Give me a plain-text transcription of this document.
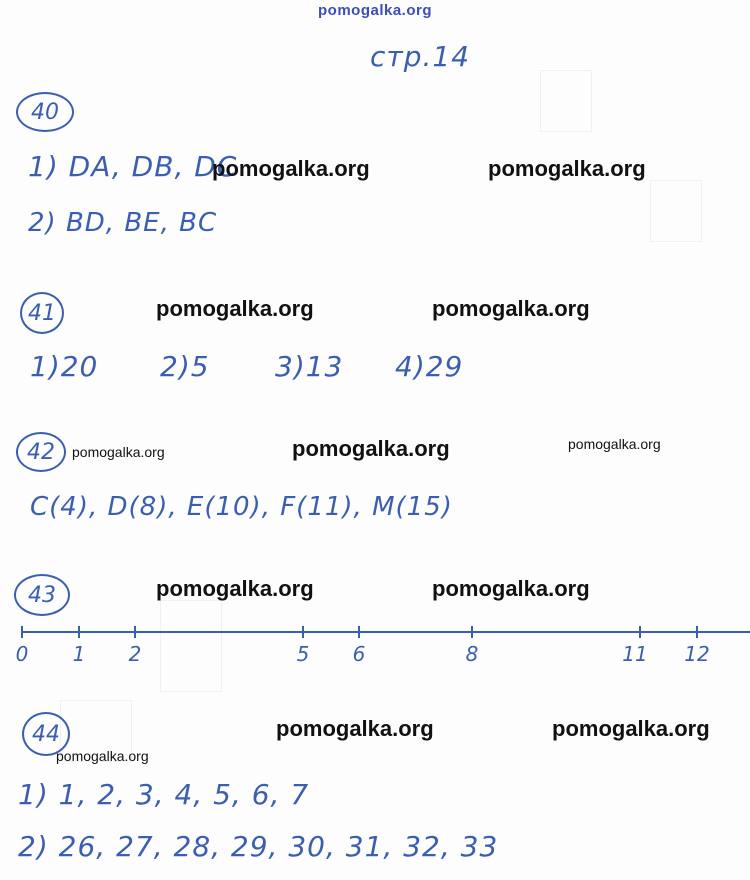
pomogalka.org
стр.14
40
1) DA, DB, DC
2) BD, BE, BC
pomogalka.org	pomogalka.org
41	pomogalka.org	pomogalka.org
1)20 2)5 3)13 4)29
42	pomogalka.org	pomogalka.org	pomogalka.org
C(4), D(8), E(10), F(11), M(15)
43	pomogalka.org	pomogalka.org
0 1 2	5 6	8	11 12
44	pomogalka.org	pomogalka.org
pomogalka.org
1) 1, 2, 3, 4, 5, 6, 7
2) 26, 27, 28, 29, 30, 31, 32, 33
